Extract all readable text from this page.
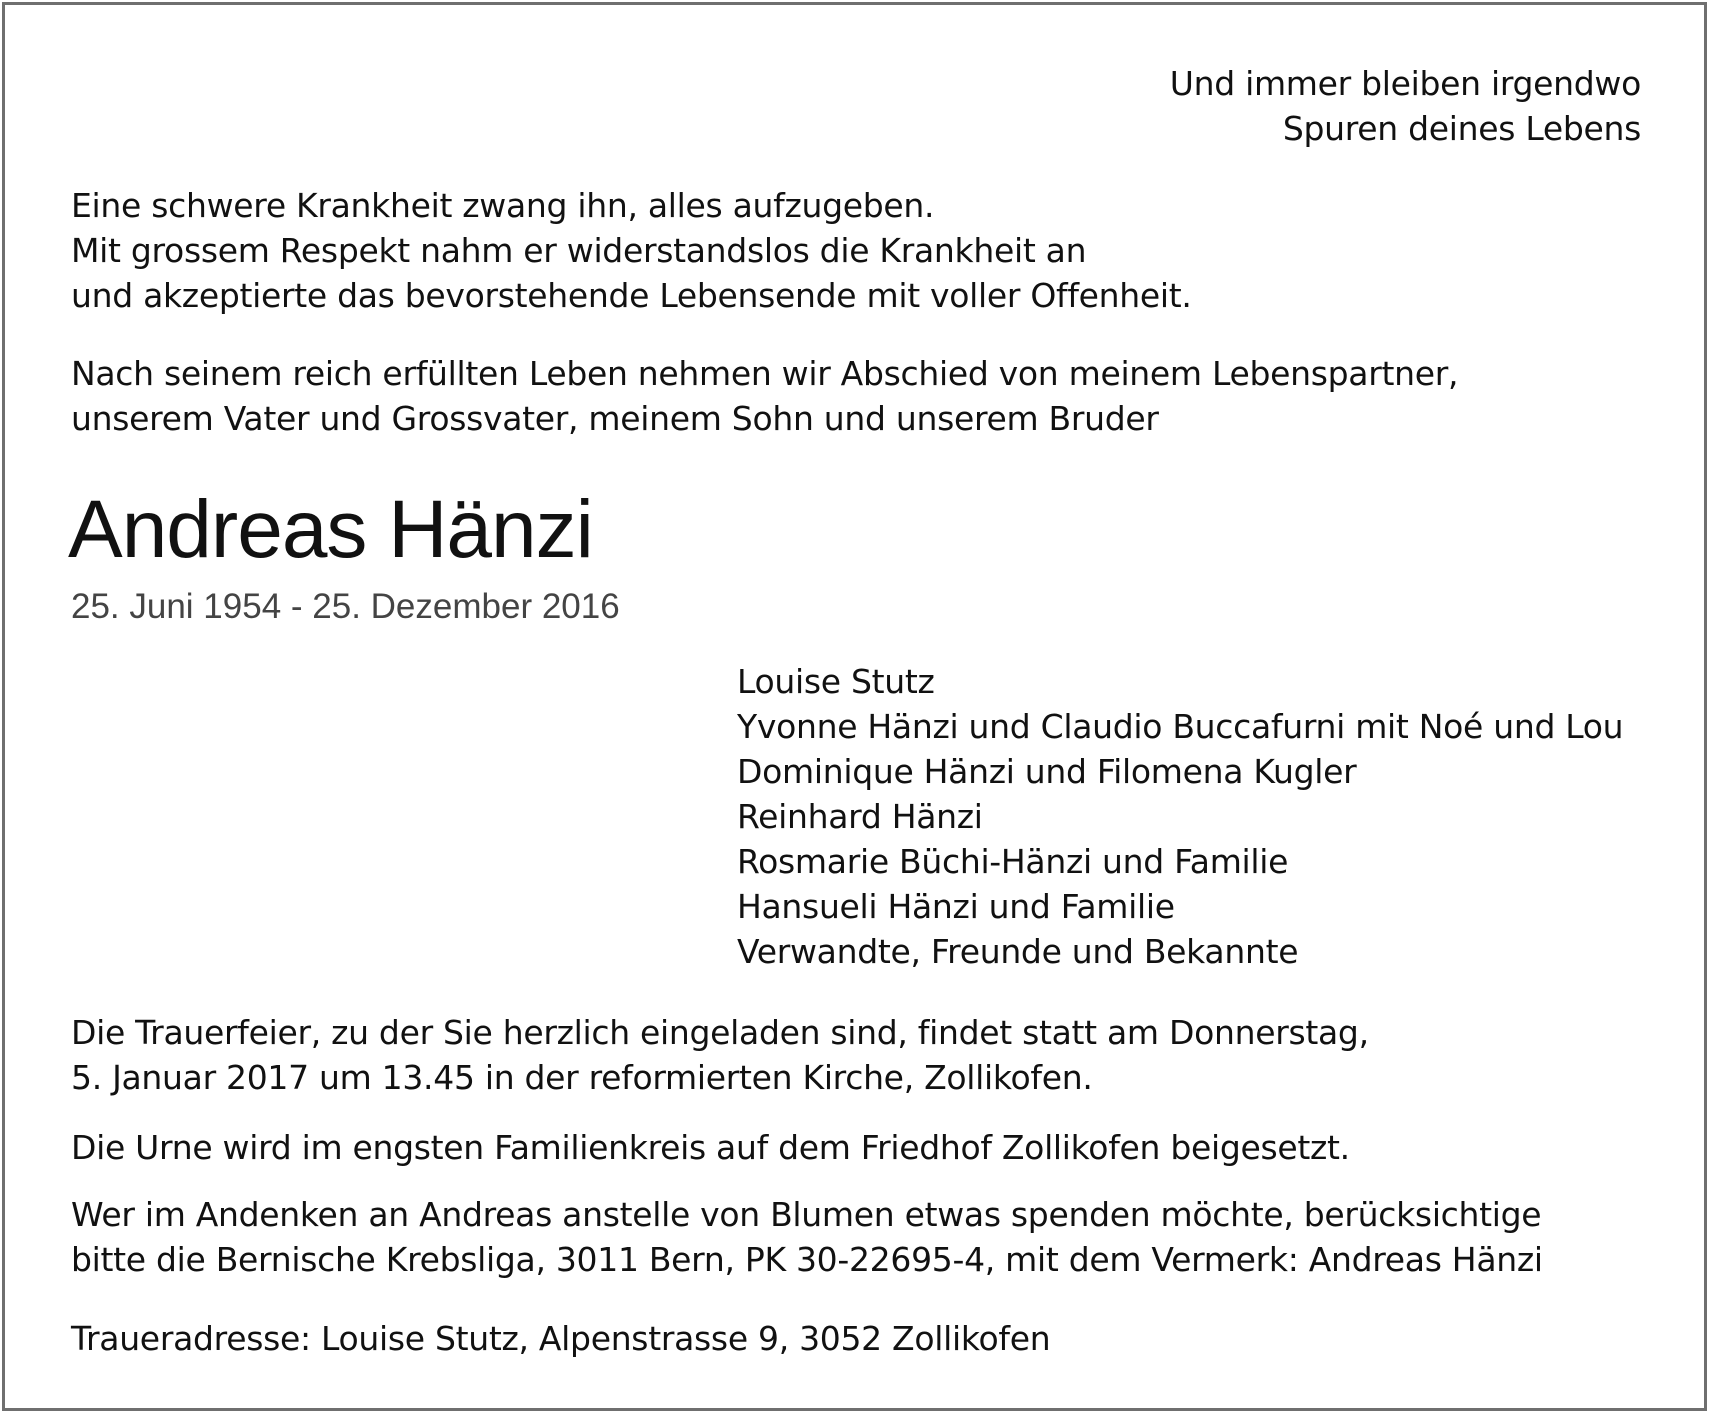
Und immer bleiben irgendwo
Spuren deines Lebens
Eine schwere Krankheit zwang ihn, alles aufzugeben.
Mit grossem Respekt nahm er widerstandslos die Krankheit an
und akzeptierte das bevorstehende Lebensende mit voller Offenheit.
Nach seinem reich erfüllten Leben nehmen wir Abschied von meinem Lebenspartner,
unserem Vater und Grossvater, meinem Sohn und unserem Bruder
Andreas Hänzi
25. Juni 1954 - 25. Dezember 2016
Louise Stutz
Yvonne Hänzi und Claudio Buccafurni mit Noé und Lou
Dominique Hänzi und Filomena Kugler
Reinhard Hänzi
Rosmarie Büchi-Hänzi und Familie
Hansueli Hänzi und Familie
Verwandte, Freunde und Bekannte
Die Trauerfeier, zu der Sie herzlich eingeladen sind, findet statt am Donnerstag,
5. Januar 2017 um 13.45 in der reformierten Kirche, Zollikofen.
Die Urne wird im engsten Familienkreis auf dem Friedhof Zollikofen beigesetzt.
Wer im Andenken an Andreas anstelle von Blumen etwas spenden möchte, berücksichtige
bitte die Bernische Krebsliga, 3011 Bern, PK 30-22695-4, mit dem Vermerk: Andreas Hänzi
Traueradresse: Louise Stutz, Alpenstrasse 9, 3052 Zollikofen
